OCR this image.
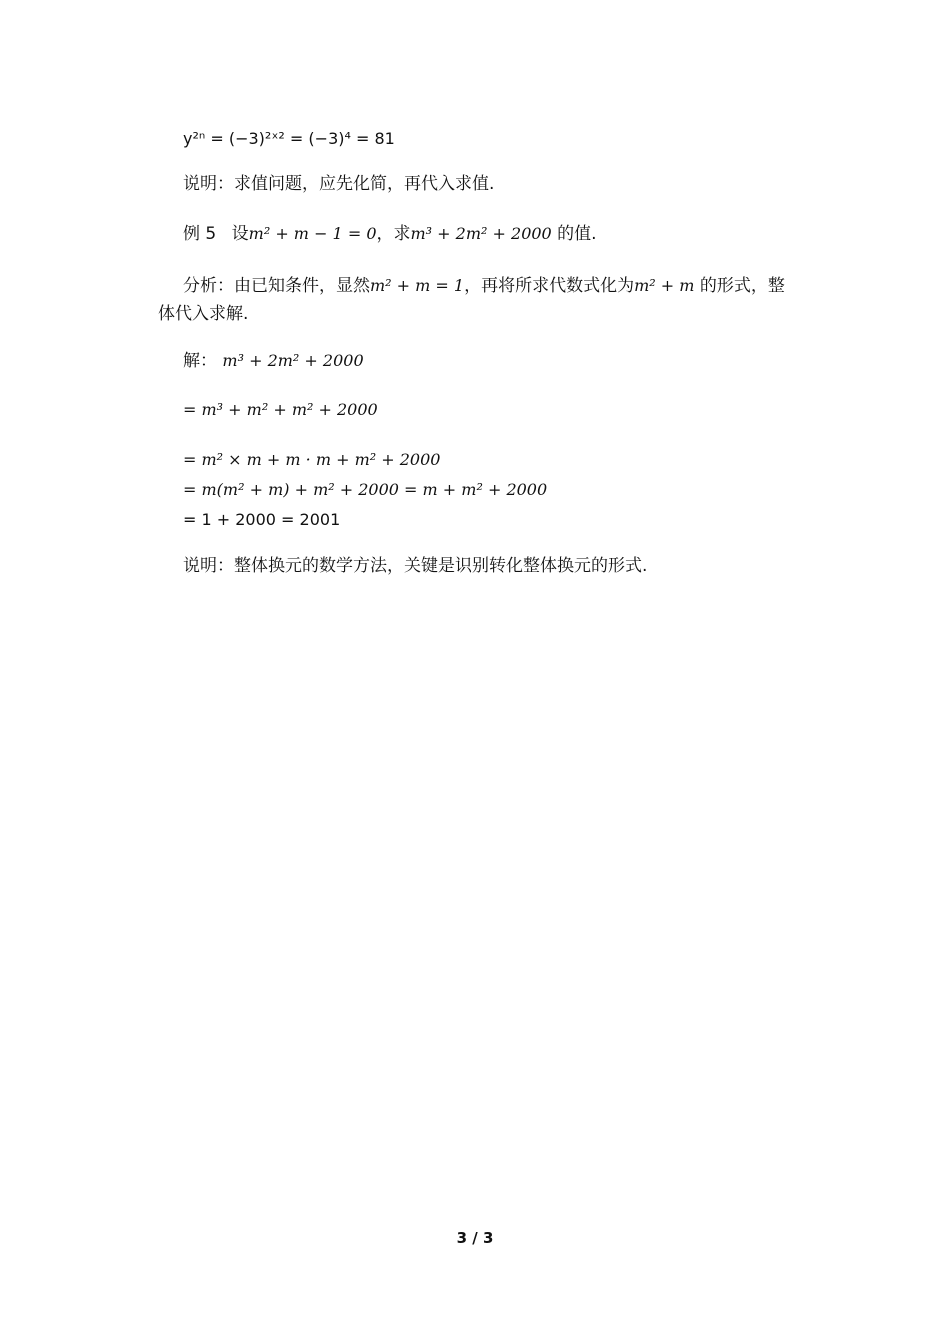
y²ⁿ = (−3)²ˣ² = (−3)⁴ = 81
说明：求值问题，应先化简，再代入求值.
例 5 设m² + m − 1 = 0，求m³ + 2m² + 2000 的值.
分析：由已知条件，显然m² + m = 1，再将所求代数式化为m² + m 的形式，整
体代入求解.
解： m³ + 2m² + 2000
= m³ + m² + m² + 2000
= m² × m + m · m + m² + 2000
= m(m² + m) + m² + 2000 = m + m² + 2000
= 1 + 2000 = 2001
说明：整体换元的数学方法，关键是识别转化整体换元的形式.
3 / 3
